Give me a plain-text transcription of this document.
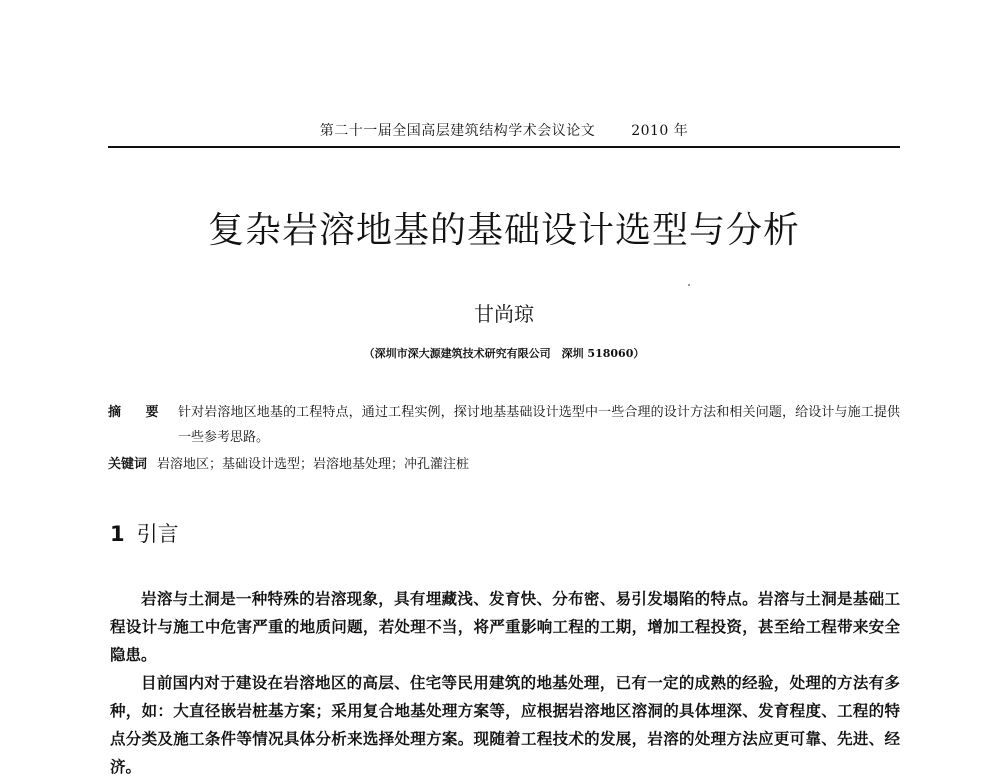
第二十一届全国高层建筑结构学术会议论文	2010 年
复杂岩溶地基的基础设计选型与分析
甘尚琼
（深圳市深大源建筑技术研究有限公司　深圳 518060）
摘 要 针对岩溶地区地基的工程特点，通过工程实例，探讨地基基础设计选型中一些合理的设计方法和相关问题，给设计与施工提供一些参考思路。
关键词 岩溶地区；基础设计选型；岩溶地基处理；冲孔灌注桩
1 引言

岩溶与土洞是一种特殊的岩溶现象，具有埋藏浅、发育快、分布密、易引发塌陷的特点。岩溶与土洞是基础工程设计与施工中危害严重的地质问题，若处理不当，将严重影响工程的工期，增加工程投资，甚至给工程带来安全隐患。

目前国内对于建设在岩溶地区的高层、住宅等民用建筑的地基处理，已有一定的成熟的经验，处理的方法有多种，如：大直径嵌岩桩基方案；采用复合地基处理方案等，应根据岩溶地区溶洞的具体埋深、发育程度、工程的特点分类及施工条件等情况具体分析来选择处理方案。现随着工程技术的发展，岩溶的处理方法应更可靠、先进、经济。
